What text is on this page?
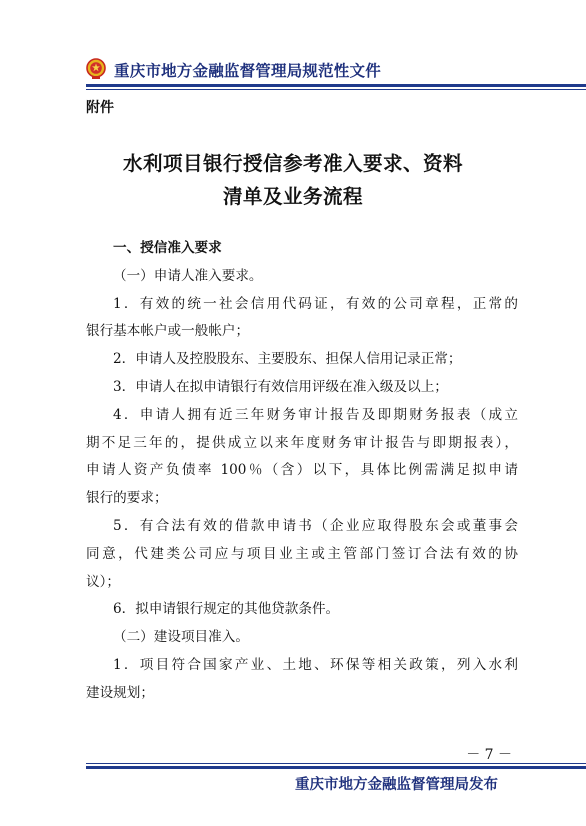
重庆市地方金融监督管理局规范性文件
附件
水利项目银行授信参考准入要求、资料
清单及业务流程
一、授信准入要求
（一）申请人准入要求。
1．有效的统一社会信用代码证，有效的公司章程，正常的
银行基本帐户或一般帐户；
2．申请人及控股股东、主要股东、担保人信用记录正常；
3．申请人在拟申请银行有效信用评级在准入级及以上；
4．申请人拥有近三年财务审计报告及即期财务报表（成立
期不足三年的，提供成立以来年度财务审计报告与即期报表），
申请人资产负债率 100％（含）以下，具体比例需满足拟申请
银行的要求；
5．有合法有效的借款申请书（企业应取得股东会或董事会
同意，代建类公司应与项目业主或主管部门签订合法有效的协
议）；
6．拟申请银行规定的其他贷款条件。
（二）建设项目准入。
1．项目符合国家产业、土地、环保等相关政策，列入水利
建设规划；
－ 7 －
重庆市地方金融监督管理局发布
